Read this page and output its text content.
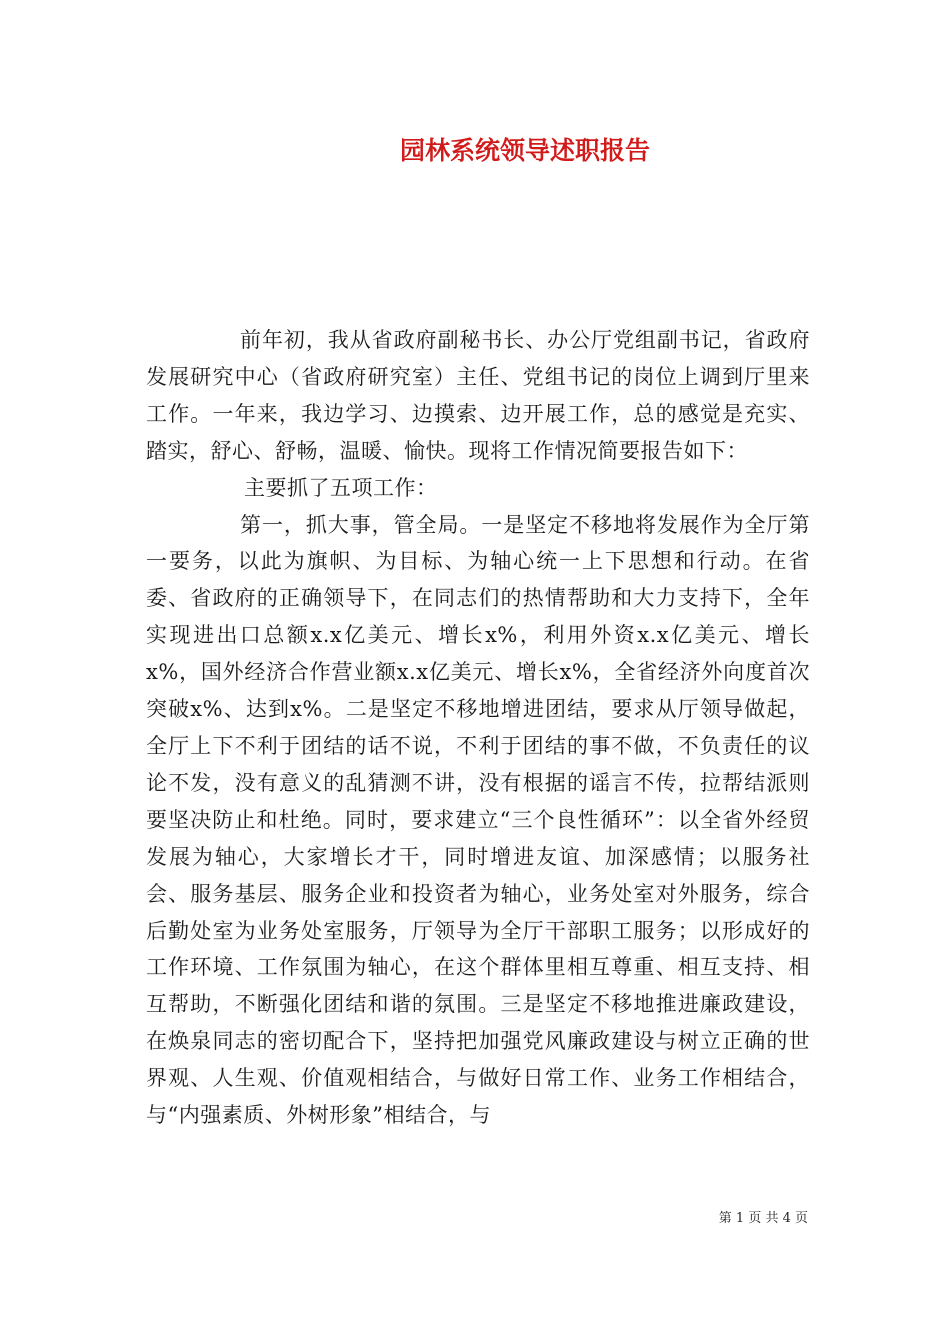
园林系统领导述职报告

前年初，我从省政府副秘书长、办公厅党组副书记，省政府发展研究中心（省政府研究室）主任、党组书记的岗位上调到厅里来工作。一年来，我边学习、边摸索、边开展工作，总的感觉是充实、踏实，舒心、舒畅，温暖、愉快。现将工作情况简要报告如下：

主要抓了五项工作：

第一，抓大事，管全局。一是坚定不移地将发展作为全厅第一要务，以此为旗帜、为目标、为轴心统一上下思想和行动。在省委、省政府的正确领导下，在同志们的热情帮助和大力支持下，全年实现进出口总额x.x亿美元、增长x%，利用外资x.x亿美元、增长x%，国外经济合作营业额x.x亿美元、增长x%，全省经济外向度首次突破x%、达到x%。二是坚定不移地增进团结，要求从厅领导做起，全厅上下不利于团结的话不说，不利于团结的事不做，不负责任的议论不发，没有意义的乱猜测不讲，没有根据的谣言不传，拉帮结派则要坚决防止和杜绝。同时，要求建立“三个良性循环”：以全省外经贸发展为轴心，大家增长才干，同时增进友谊、加深感情；以服务社会、服务基层、服务企业和投资者为轴心，业务处室对外服务，综合后勤处室为业务处室服务，厅领导为全厅干部职工服务；以形成好的工作环境、工作氛围为轴心，在这个群体里相互尊重、相互支持、相互帮助，不断强化团结和谐的氛围。三是坚定不移地推进廉政建设，在焕泉同志的密切配合下，坚持把加强党风廉政建设与树立正确的世界观、人生观、价值观相结合，与做好日常工作、业务工作相结合，与“内强素质、外树形象”相结合，与

第 1 页 共 4 页
